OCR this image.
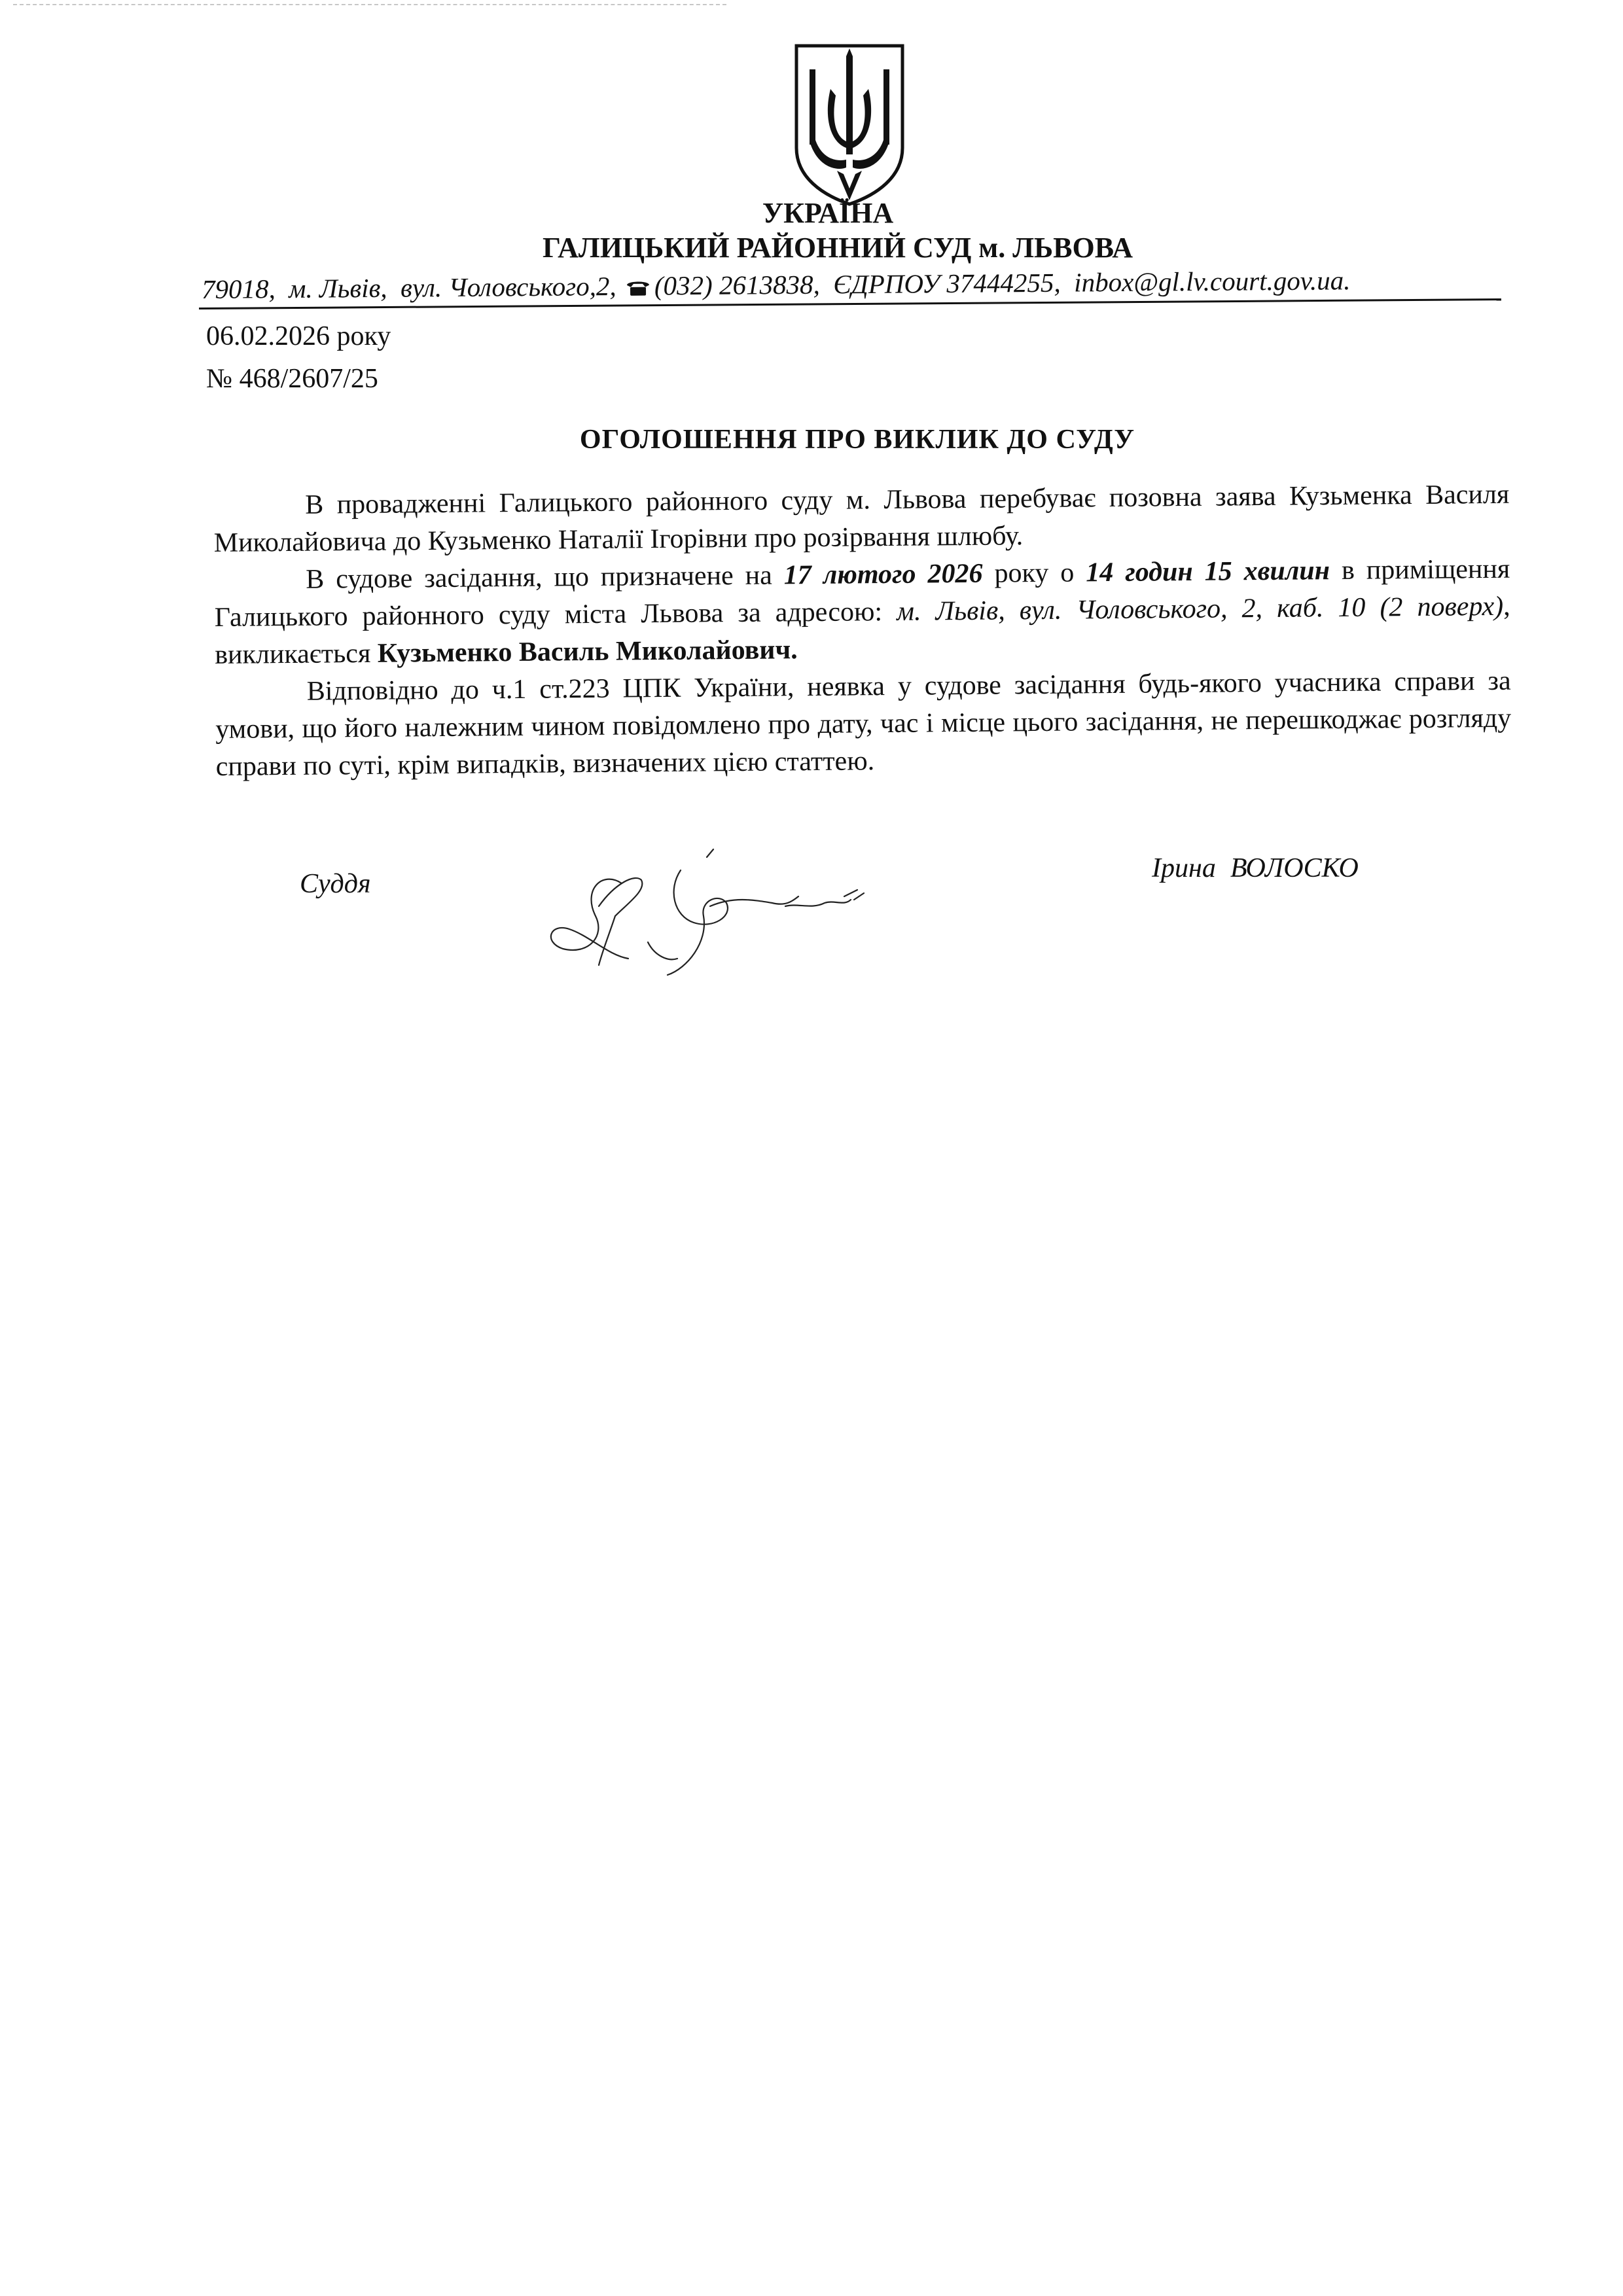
УКРАЇНА
ГАЛИЦЬКИЙ РАЙОННИЙ СУД м. ЛЬВОВА
79018, м. Львів, вул. Чоловського,2, (032) 2613838, ЄДРПОУ 37444255, inbox@gl.lv.court.gov.ua.
06.02.2026 року
№ 468/2607/25
ОГОЛОШЕННЯ ПРО ВИКЛИК ДО СУДУ

В провадженні Галицького районного суду м. Львова перебуває позовна заява Кузьменка Василя Миколайовича до Кузьменко Наталії Ігорівни про розірвання шлюбу.

В судове засідання, що призначене на 17 лютого 2026 року о 14 годин 15 хвилин в приміщення Галицького районного суду міста Львова за адресою: м. Львів, вул. Чоловського, 2, каб. 10 (2 поверх), викликається Кузьменко Василь Миколайович.

Відповідно до ч.1 ст.223 ЦПК України, неявка у судове засідання будь-якого учасника справи за умови, що його належним чином повідомлено про дату, час і місце цього засідання, не перешкоджає розгляду справи по суті, крім випадків, визначених цією статтею.

Суддя
Ірина ВОЛОСКО
